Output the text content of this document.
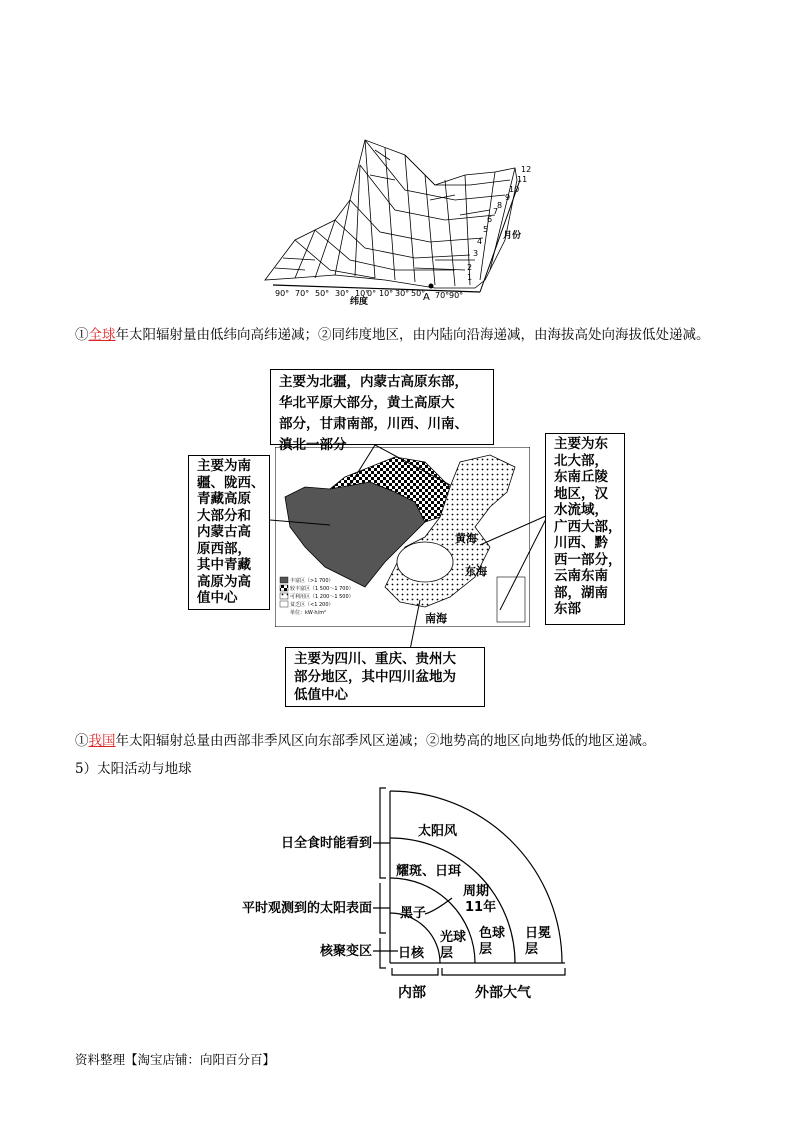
A
90° 70° 50° 30° 10°
0° 10° 30° 50° 70° 90°
纬度
1
2
3
4
5
6
7
8
9
10
11
12
月份
①全球年太阳辐射量由低纬向高纬递减；②同纬度地区，由内陆向沿海递减，由海拔高处向海拔低处递减。
丰富区（>1 700）
较丰富区（1 500～1 700）
可利用区（1 200～1 500）
贫乏区（<1 200）
单位：kW·h/m²
黄海
东海
南海
主要为北疆，内蒙古高原东部，
华北平原大部分，黄土高原大
部分，甘肃南部，川西、川南、
滇北一部分
主要为南
疆、陇西、
青藏高原
大部分和
内蒙古高
原西部，
其中青藏
高原为高
值中心
主要为东
北大部，
东南丘陵
地区，汉
水流域，
广西大部，
川西、黔
西一部分，
云南东南
部，湖南
东部
主要为四川、重庆、贵州大
部分地区，其中四川盆地为
低值中心
①我国年太阳辐射总量由西部非季风区向东部季风区递减；②地势高的地区向地势低的地区递减。
5）太阳活动与地球
日全食时能看到
平时观测到的太阳表面
核聚变区 日核
光球
层
色球
层
日冕
层
太阳风
耀斑、日珥
黑子
周期
11年
内部	外部大气
资料整理【淘宝店铺：向阳百分百】
